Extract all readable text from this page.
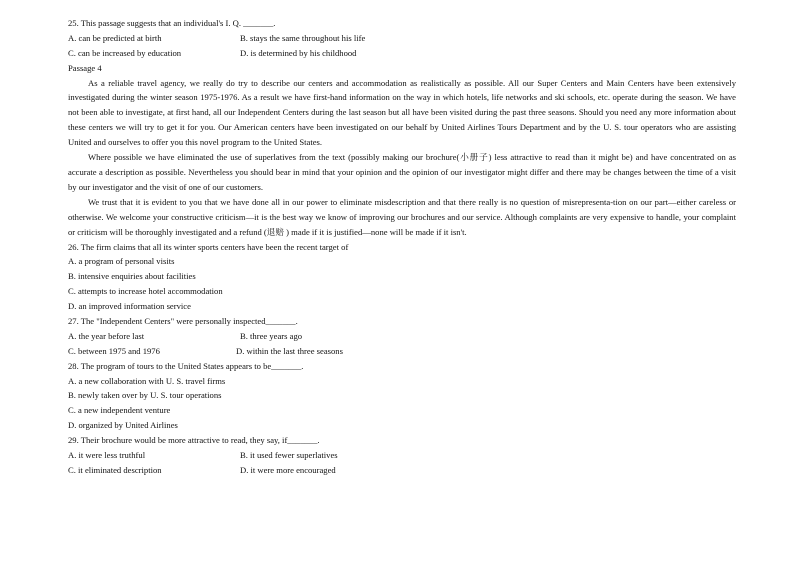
25. This passage suggests that an individual's I. Q. _______.
A. can be predicted at birth	B. stays the same throughout his life
C. can be increased by education	D. is determined by his childhood
Passage 4

As a reliable travel agency, we really do try to describe our centers and accommodation as realistically as possible. All our Super Centers and Main Centers have been extensively investigated during the winter season 1975-1976. As a result we have first-hand information on the way in which hotels, life networks and ski schools, etc. operate during the season. We have not been able to investigate, at first hand, all our Independent Centers during the last season but all have been visited during the past three seasons. Should you need any more information about these centers we will try to get it for you. Our American centers have been investigated on our behalf by United Airlines Tours Department and by the U. S. tour operators who are assisting United and ourselves to offer you this novel program to the United States.

Where possible we have eliminated the use of superlatives from the text (possibly making our brochure(小册子) less attractive to read than it might be) and have concentrated on as accurate a description as possible. Nevertheless you should bear in mind that your opinion and the opinion of our investigator might differ and there may be changes between the time of a visit by our investigator and the visit of one of our customers.

We trust that it is evident to you that we have done all in our power to eliminate misdescription and that there really is no question of misrepresenta-tion on our part—either careless or otherwise. We welcome your constructive criticism—it is the best way we know of improving our brochures and our service. Although complaints are very expensive to handle, your complaint or criticism will be thoroughly investigated and a refund (退赔 ) made if it is justified—none will be made if it isn't.

26. The firm claims that all its winter sports centers have been the recent target of
A. a program of personal visits
B. intensive enquiries about facilities
C. attempts to increase hotel accommodation
D. an improved information service
27. The "Independent Centers" were personally inspected_______.
A. the year before last	B. three years ago
C. between 1975 and 1976	D. within the last three seasons
28. The program of tours to the United States appears to be_______.
A. a new collaboration with U. S. travel firms
B. newly taken over by U. S. tour operations
C. a new independent venture
D. organized by United Airlines
29. Their brochure would be more attractive to read, they say, if_______.
A. it were less truthful	B. it used fewer superlatives
C. it eliminated description	D. it were more encouraged
